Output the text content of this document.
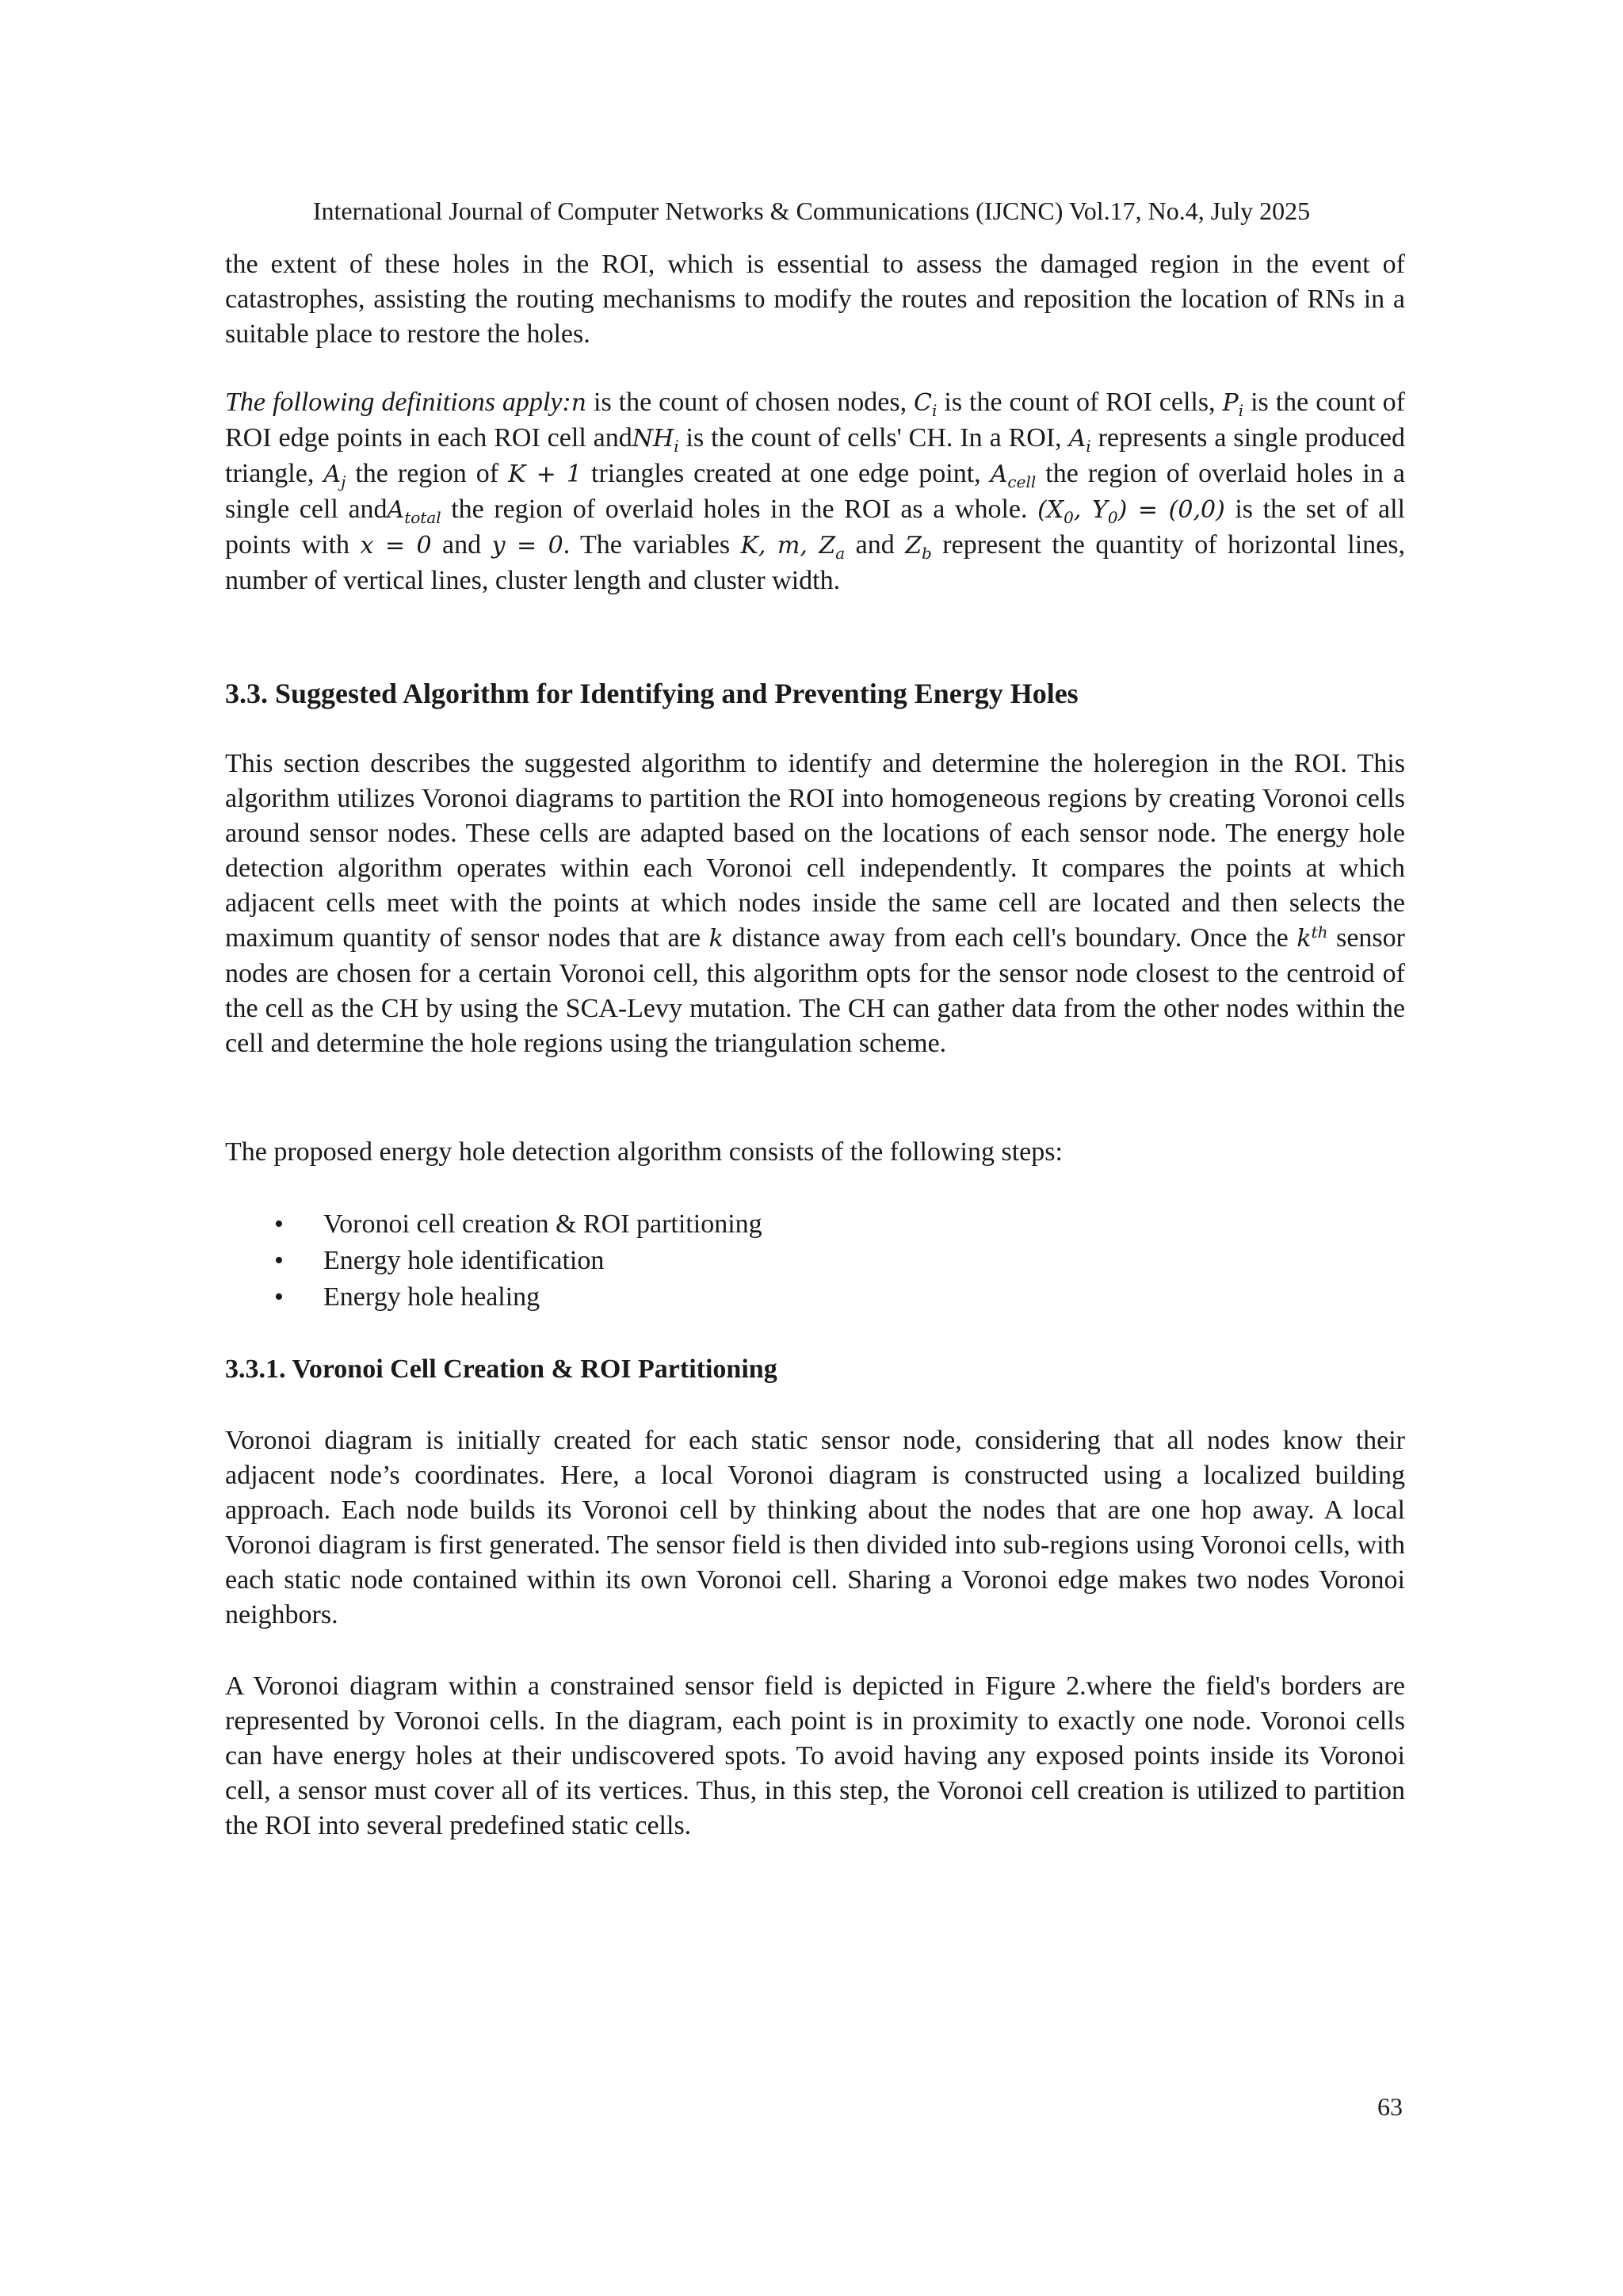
International Journal of Computer Networks & Communications (IJCNC) Vol.17, No.4, July 2025

the extent of these holes in the ROI, which is essential to assess the damaged region in the event of catastrophes, assisting the routing mechanisms to modify the routes and reposition the location of RNs in a suitable place to restore the holes.

The following definitions apply:n is the count of chosen nodes, $C_i$ is the count of ROI cells, $P_i$ is the count of ROI edge points in each ROI cell andNH$_i$ is the count of cells' CH. In a ROI, $A_i$ represents a single produced triangle, $A_j$ the region of K + 1 triangles created at one edge point, $A_{cell}$ the region of overlaid holes in a single cell andA$_{total}$ the region of overlaid holes in the ROI as a whole. ($X_0$, $Y_0) = (0,0)$ is the set of all points with x = 0 and y = 0. The variables K, m, $Z_a$ and $Z_b$ represent the quantity of horizontal lines, number of vertical lines, cluster length and cluster width.

3.3. Suggested Algorithm for Identifying and Preventing Energy Holes

This section describes the suggested algorithm to identify and determine the holeregion in the ROI. This algorithm utilizes Voronoi diagrams to partition the ROI into homogeneous regions by creating Voronoi cells around sensor nodes. These cells are adapted based on the locations of each sensor node. The energy hole detection algorithm operates within each Voronoi cell independently. It compares the points at which adjacent cells meet with the points at which nodes inside the same cell are located and then selects the maximum quantity of sensor nodes that are k distance away from each cell's boundary. Once the $k^{th}$ sensor nodes are chosen for a certain Voronoi cell, this algorithm opts for the sensor node closest to the centroid of the cell as the CH by using the SCA-Levy mutation. The CH can gather data from the other nodes within the cell and determine the hole regions using the triangulation scheme.

The proposed energy hole detection algorithm consists of the following steps:

• Voronoi cell creation & ROI partitioning
• Energy hole identification
• Energy hole healing
3.3.1. Voronoi Cell Creation & ROI Partitioning

Voronoi diagram is initially created for each static sensor node, considering that all nodes know their adjacent node’s coordinates. Here, a local Voronoi diagram is constructed using a localized building approach. Each node builds its Voronoi cell by thinking about the nodes that are one hop away. A local Voronoi diagram is first generated. The sensor field is then divided into sub-regions using Voronoi cells, with each static node contained within its own Voronoi cell. Sharing a Voronoi edge makes two nodes Voronoi neighbors.

A Voronoi diagram within a constrained sensor field is depicted in Figure 2.where the field's borders are represented by Voronoi cells. In the diagram, each point is in proximity to exactly one node. Voronoi cells can have energy holes at their undiscovered spots. To avoid having any exposed points inside its Voronoi cell, a sensor must cover all of its vertices. Thus, in this step, the Voronoi cell creation is utilized to partition the ROI into several predefined static cells.

63
